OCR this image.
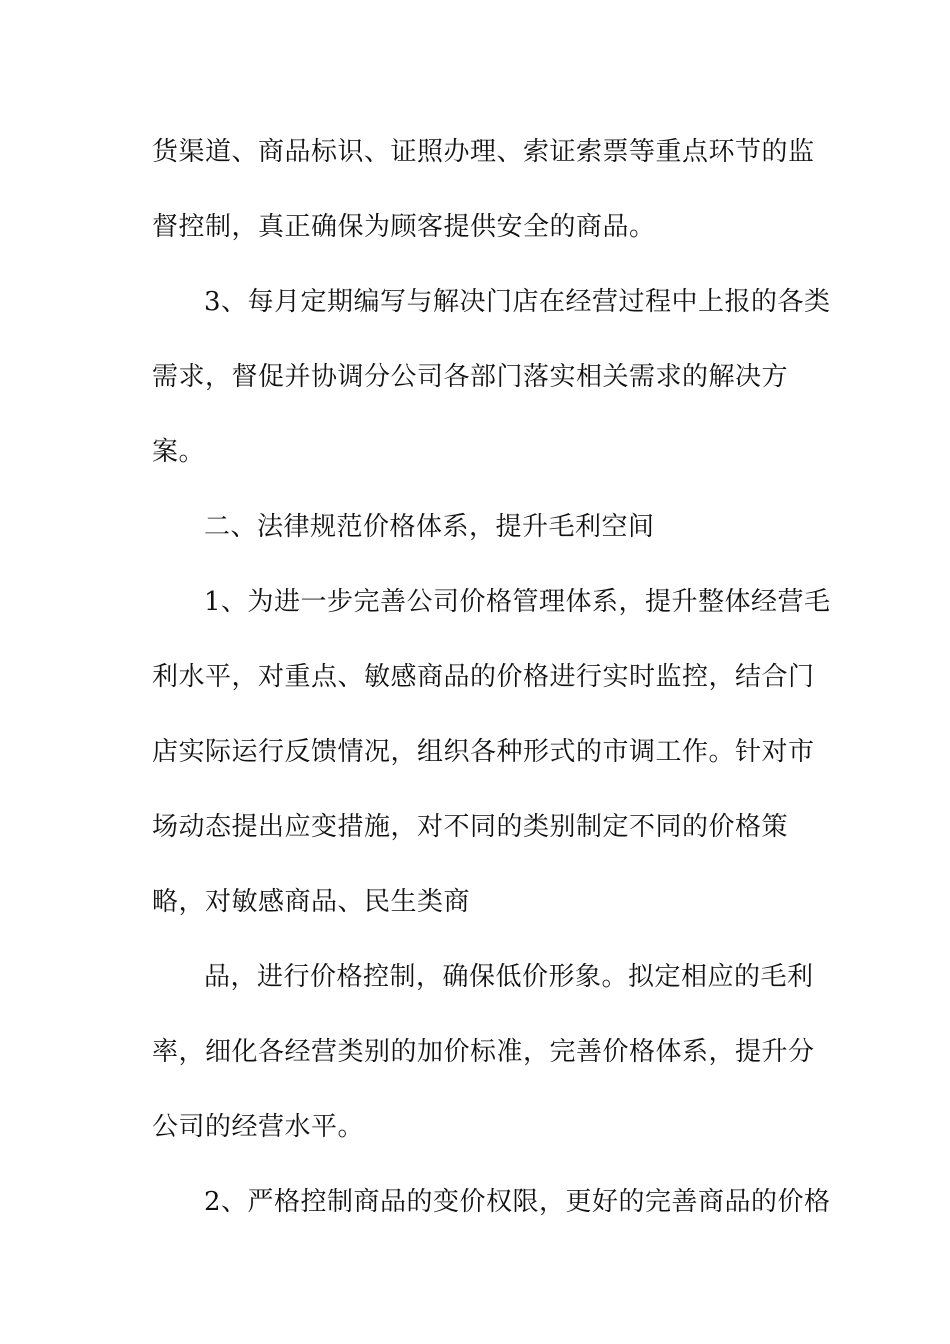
货渠道、商品标识、证照办理、索证索票等重点环节的监
督控制，真正确保为顾客提供安全的商品。
3、每月定期编写与解决门店在经营过程中上报的各类
需求，督促并协调分公司各部门落实相关需求的解决方
案。
二、法律规范价格体系，提升毛利空间
1、为进一步完善公司价格管理体系，提升整体经营毛
利水平，对重点、敏感商品的价格进行实时监控，结合门
店实际运行反馈情况，组织各种形式的市调工作。针对市
场动态提出应变措施，对不同的类别制定不同的价格策
略，对敏感商品、民生类商
品，进行价格控制，确保低价形象。拟定相应的毛利
率，细化各经营类别的加价标准，完善价格体系，提升分
公司的经营水平。
2、严格控制商品的变价权限，更好的完善商品的价格
